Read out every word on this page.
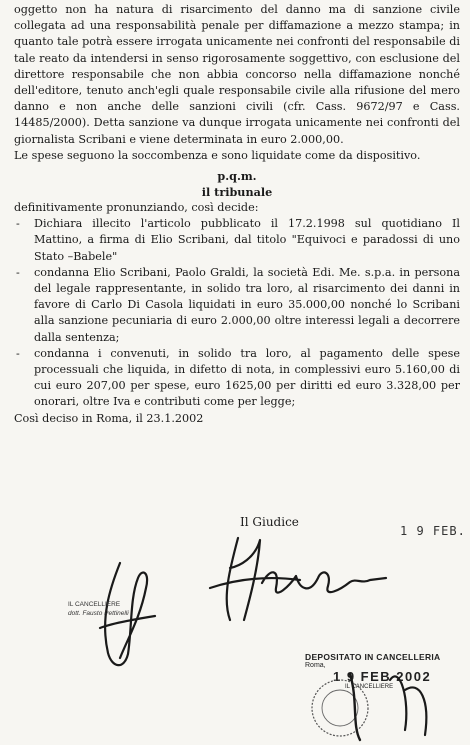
oggetto non ha natura di risarcimento del danno ma di sanzione civile collegata ad una responsabilità penale per diffamazione a mezzo stampa; in quanto tale potrà essere irrogata unicamente nei confronti del responsabile di tale reato da intendersi in senso rigorosamente soggettivo, con esclusione del direttore responsabile che non abbia concorso nella diffamazione nonché dell'editore, tenuto anch'egli quale responsabile civile alla rifusione del mero danno e non anche delle sanzioni civili (cfr. Cass. 9672/97 e Cass. 14485/2000). Detta sanzione va dunque irrogata unicamente nei confronti del giornalista Scribani e viene determinata in euro 2.000,00.

Le spese seguono la soccombenza e sono liquidate come da dispositivo.

p.q.m.
il tribunale

definitivamente pronunziando, così decide:

- Dichiara illecito l'articolo pubblicato il 17.2.1998 sul quotidiano Il Mattino, a firma di Elio Scribani, dal titolo "Equivoci e paradossi di uno Stato –Babele"
- condanna Elio Scribani, Paolo Graldi, la società Edi. Me. s.p.a. in persona del legale rappresentante, in solido tra loro, al risarcimento dei danni in favore di Carlo Di Casola liquidati in euro 35.000,00 nonché lo Scribani alla sanzione pecuniaria di euro 2.000,00 oltre interessi legali a decorrere dalla sentenza;
- condanna i convenuti, in solido tra loro, al pagamento delle spese processuali che liquida, in difetto di nota, in complessivi euro 5.160,00 di cui euro 207,00 per spese, euro 1625,00 per diritti ed euro 3.328,00 per onorari, oltre Iva e contributi come per legge;

Così deciso in Roma, il 23.1.2002

Il Giudice
1 9 FEB.
IL CANCELLIERE
dott. Fausto Pettinelli
DEPOSITATO IN CANCELLERIA
Roma,
1 9 FEB 2002
IL CANCELLIERE
